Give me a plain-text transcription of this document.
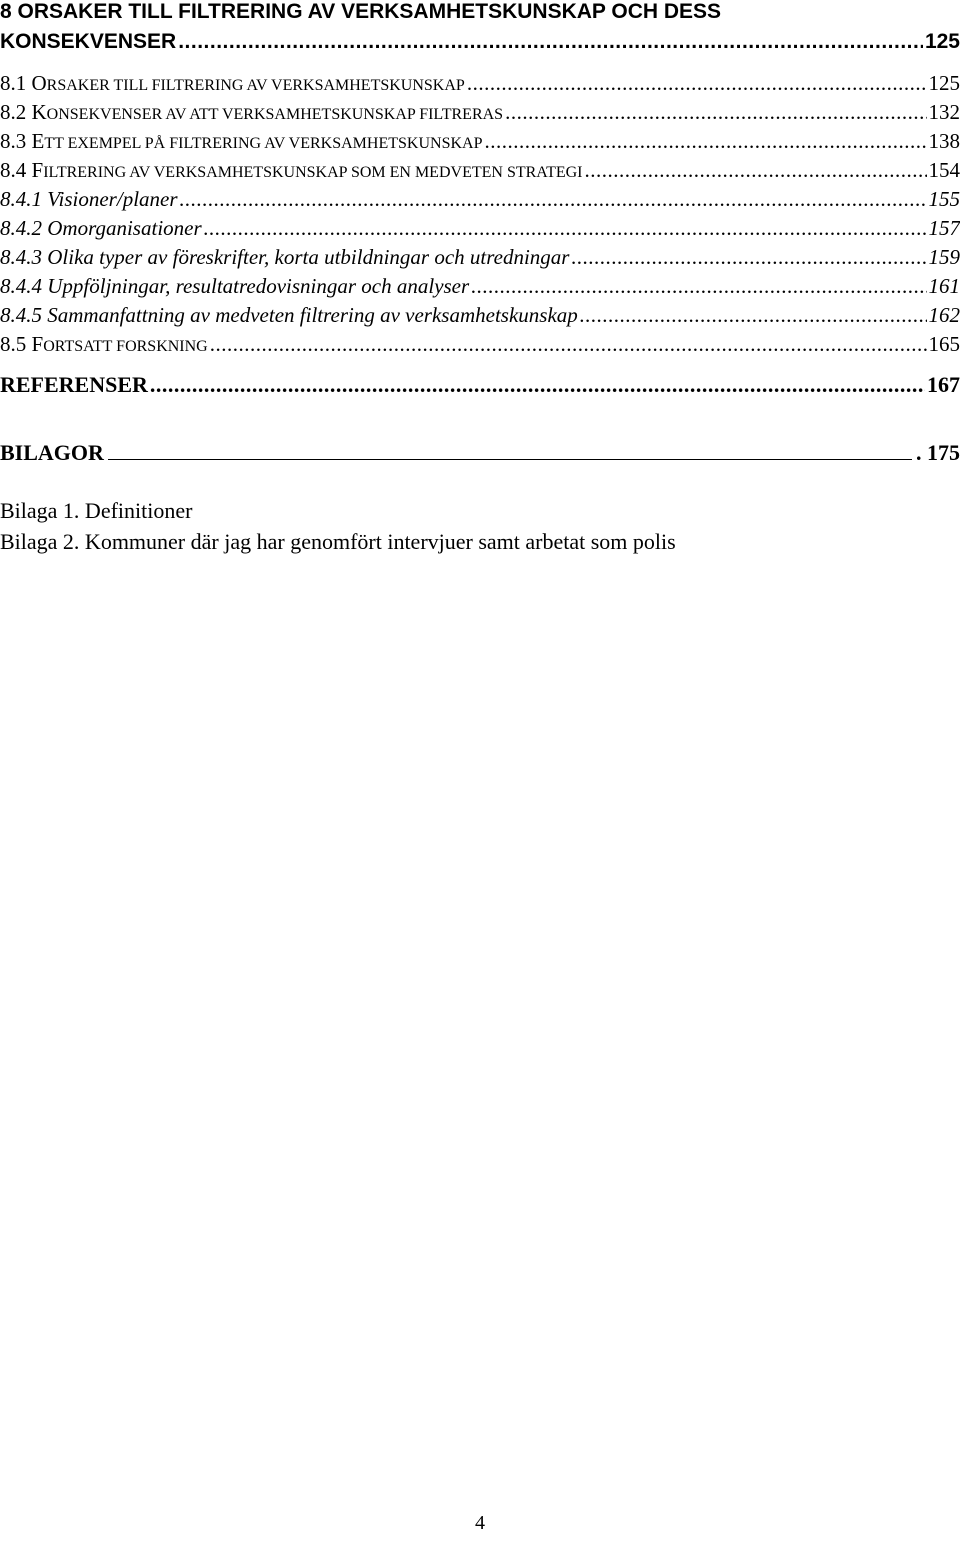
8 ORSAKER TILL FILTRERING AV VERKSAMHETSKUNSKAP OCH DESS
KONSEKVENSER .....	125
8.1 ORSAKER TILL FILTRERING AV VERKSAMHETSKUNSKAP .....	125
8.2 KONSEKVENSER AV ATT VERKSAMHETSKUNSKAP FILTRERAS .....	132
8.3 ETT EXEMPEL PÅ FILTRERING AV VERKSAMHETSKUNSKAP .....	138
8.4 FILTRERING AV VERKSAMHETSKUNSKAP SOM EN MEDVETEN STRATEGI .....	154
8.4.1 Visioner/planer .....	155
8.4.2 Omorganisationer .....	157
8.4.3 Olika typer av föreskrifter, korta utbildningar och utredningar .....	159
8.4.4 Uppföljningar, resultatredovisningar och analyser .....	161
8.4.5 Sammanfattning av medveten filtrering av verksamhetskunskap .....	162
8.5 FORTSATT FORSKNING .....	165
REFERENSER .....	167
BILAGOR	. 175
Bilaga 1. Definitioner
Bilaga 2. Kommuner där jag har genomfört intervjuer samt arbetat som polis
4
